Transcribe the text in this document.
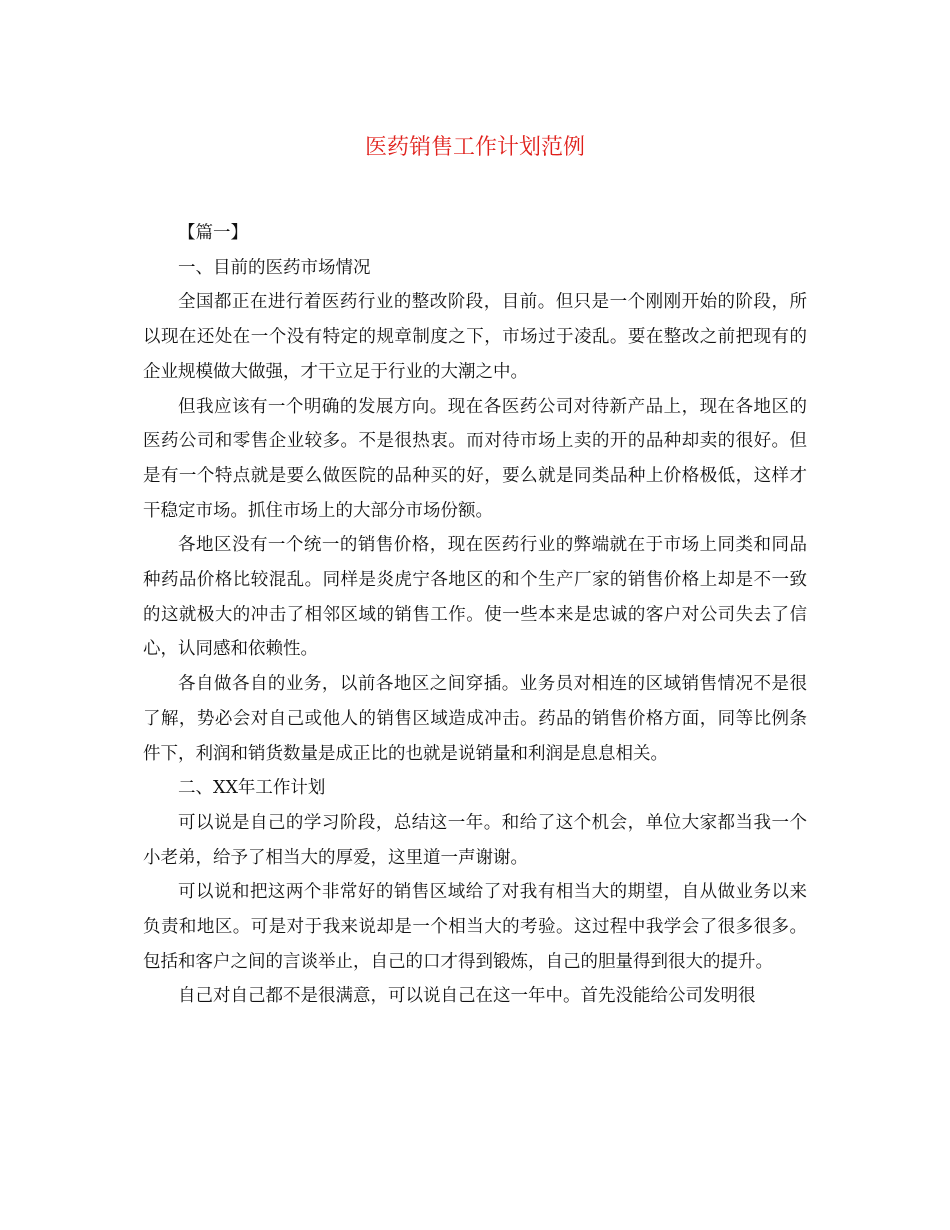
医药销售工作计划范例

【篇一】

一、目前的医药市场情况

全国都正在进行着医药行业的整改阶段，目前。但只是一个刚刚开始的阶段，所以现在还处在一个没有特定的规章制度之下，市场过于凌乱。要在整改之前把现有的企业规模做大做强，才干立足于行业的大潮之中。

但我应该有一个明确的发展方向。现在各医药公司对待新产品上，现在各地区的医药公司和零售企业较多。不是很热衷。而对待市场上卖的开的品种却卖的很好。但是有一个特点就是要么做医院的品种买的好，要么就是同类品种上价格极低，这样才干稳定市场。抓住市场上的大部分市场份额。

各地区没有一个统一的销售价格，现在医药行业的弊端就在于市场上同类和同品种药品价格比较混乱。同样是炎虎宁各地区的和个生产厂家的销售价格上却是不一致的这就极大的冲击了相邻区域的销售工作。使一些本来是忠诚的客户对公司失去了信心，认同感和依赖性。

各自做各自的业务，以前各地区之间穿插。业务员对相连的区域销售情况不是很了解，势必会对自己或他人的销售区域造成冲击。药品的销售价格方面，同等比例条件下，利润和销货数量是成正比的也就是说销量和利润是息息相关。

二、XX年工作计划

可以说是自己的学习阶段，总结这一年。和给了这个机会，单位大家都当我一个小老弟，给予了相当大的厚爱，这里道一声谢谢。

可以说和把这两个非常好的销售区域给了对我有相当大的期望，自从做业务以来负责和地区。可是对于我来说却是一个相当大的考验。这过程中我学会了很多很多。包括和客户之间的言谈举止，自己的口才得到锻炼，自己的胆量得到很大的提升。

自己对自己都不是很满意，可以说自己在这一年中。首先没能给公司发明很
